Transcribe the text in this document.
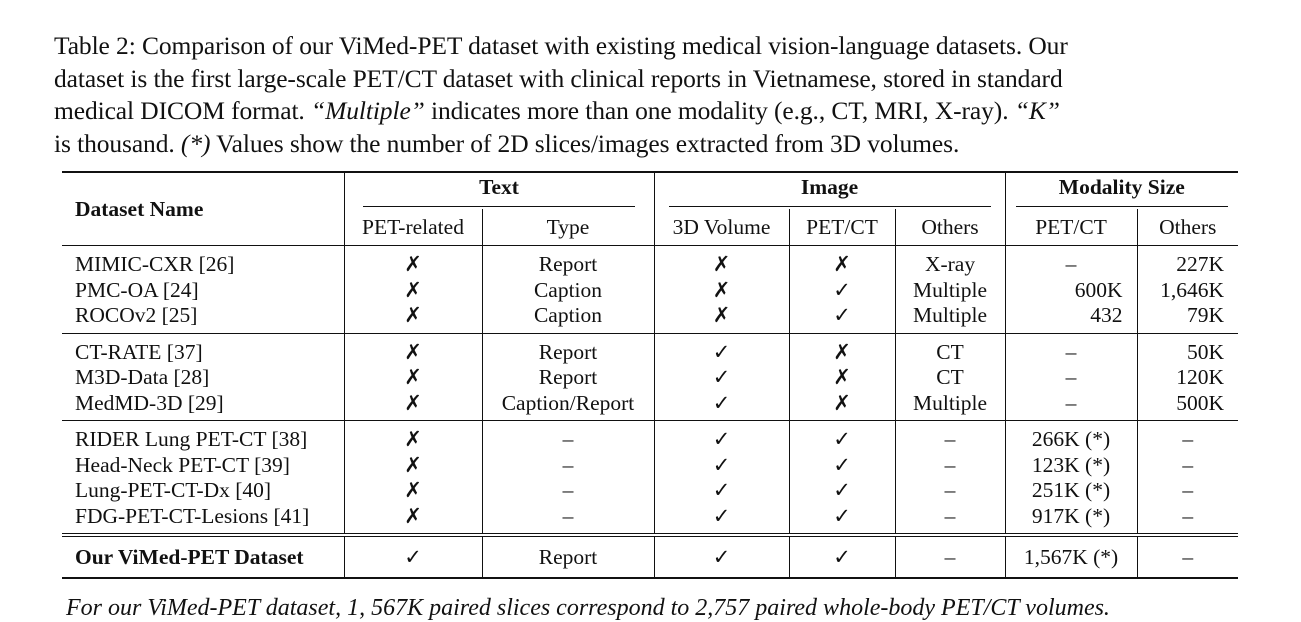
Table 2: Comparison of our ViMed-PET dataset with existing medical vision-language datasets. Our
dataset is the first large-scale PET/CT dataset with clinical reports in Vietnamese, stored in standard
medical DICOM format. “Multiple” indicates more than one modality (e.g., CT, MRI, X-ray). “K”
is thousand. (*) Values show the number of 2D slices/images extracted from 3D volumes.
Dataset Name	Text		Image			Modality Size	
	PET-related	Type	3D Volume	PET/CT	Others	PET/CT	Others
MIMIC-CXR [26]	✗	Report	✗	✗	X-ray	–	227K
PMC-OA [24]	✗	Caption	✗	✓	Multiple	600K	1,646K
ROCOv2 [25]	✗	Caption	✗	✓	Multiple	432	79K
CT-RATE [37]	✗	Report	✓	✗	CT	–	50K
M3D-Data [28]	✗	Report	✓	✗	CT	–	120K
MedMD-3D [29]	✗	Caption/Report	✓	✗	Multiple	–	500K
RIDER Lung PET-CT [38]	✗	–	✓	✓	–	266K (*)	–
Head-Neck PET-CT [39]	✗	–	✓	✓	–	123K (*)	–
Lung-PET-CT-Dx [40]	✗	–	✓	✓	–	251K (*)	–
FDG-PET-CT-Lesions [41]	✗	–	✓	✓	–	917K (*)	–
Our ViMed-PET Dataset	✓	Report	✓	✓	–	1,567K (*)	–
For our ViMed-PET dataset, 1, 567K paired slices correspond to 2,757 paired whole-body PET/CT volumes.
